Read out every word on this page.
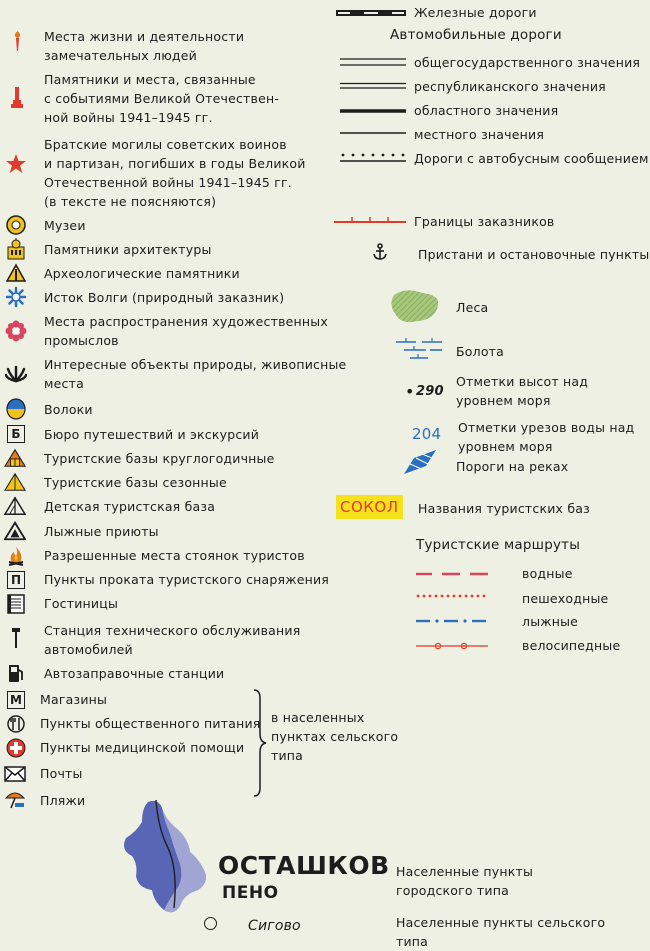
Места жизни и деятельности
замечательных людей
Памятники и места, связанные
с событиями Великой Отечествен-
ной войны 1941–1945 гг.
Братские могилы советских воинов
и партизан, погибших в годы Великой
Отечественной войны 1941–1945 гг.
(в тексте не поясняются)
Музеи
Памятники архитектуры
Археологические памятники
Исток Волги (природный заказник)
Места распространения художественных
промыслов
Интересные объекты природы, живописные
места
Волоки
Б	Бюро путешествий и экскурсий
Туристские базы круглогодичные
Туристские базы сезонные
Детская туристская база
Лыжные приюты
Разрешенные места стоянок туристов
П	Пункты проката туристского снаряжения
Гостиницы
Станция технического обслуживания
автомобилей
Автозаправочные станции
М Магазины
Пункты общественного питания
Пункты медицинской помощи
Почты
Пляжи
в населенных
пунктах сельского
типа
Железные дороги
Автомобильные дороги
общегосударственного значения
республиканского значения
областного значения
местного значения
Дороги с автобусным сообщением
Границы заказников
Пристани и остановочные пункты
Леса
Болота
• 290
Отметки высот над
уровнем моря
204 Отметки урезов воды над
уровнем моря
Пороги на реках
СОКОЛ	Названия туристских баз
Туристские маршруты
водные
пешеходные
лыжные
велосипедные
ОСТАШКОВ
ПЕНО
Населенные пункты
городского типа
Сигово	Населенные пункты сельского
типа
